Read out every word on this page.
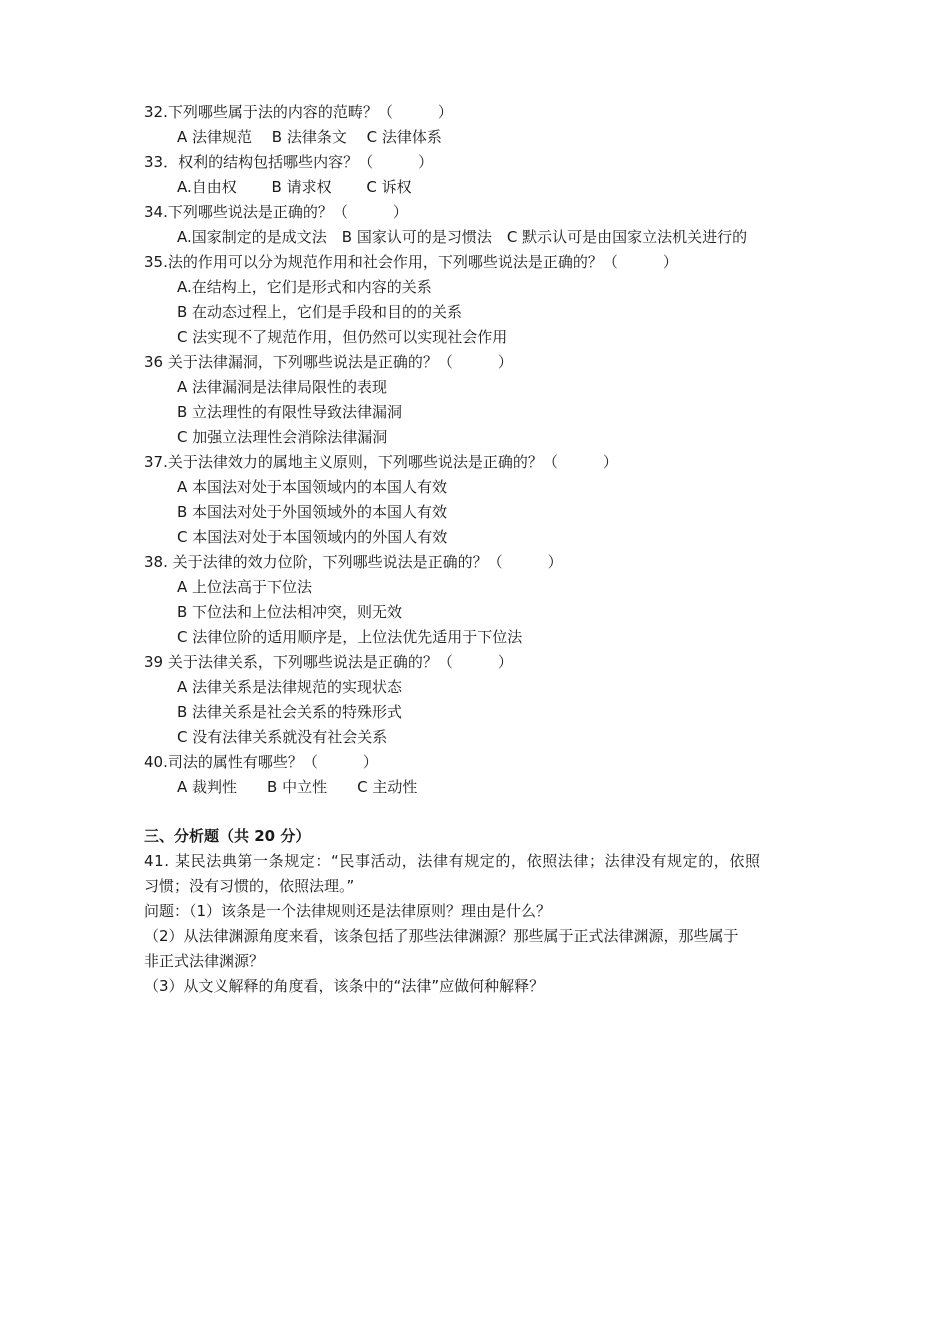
32.下列哪些属于法的内容的范畴？（　　　）
A 法律规范　 B 法律条文　 C 法律体系
33．权利的结构包括哪些内容？（　　　）
A.自由权　　 B 请求权　　 C 诉权
34.下列哪些说法是正确的？（　　　）
A.国家制定的是成文法　B 国家认可的是习惯法　C 默示认可是由国家立法机关进行的
35.法的作用可以分为规范作用和社会作用，下列哪些说法是正确的？（　　　）
A.在结构上，它们是形式和内容的关系
B 在动态过程上，它们是手段和目的的关系
C 法实现不了规范作用，但仍然可以实现社会作用
36 关于法律漏洞，下列哪些说法是正确的？（　　　）
A 法律漏洞是法律局限性的表现
B 立法理性的有限性导致法律漏洞
C 加强立法理性会消除法律漏洞
37.关于法律效力的属地主义原则，下列哪些说法是正确的？（　　　）
A 本国法对处于本国领域内的本国人有效
B 本国法对处于外国领域外的本国人有效
C 本国法对处于本国领域内的外国人有效
38. 关于法律的效力位阶，下列哪些说法是正确的？（　　　）
A 上位法高于下位法
B 下位法和上位法相冲突，则无效
C 法律位阶的适用顺序是，上位法优先适用于下位法
39 关于法律关系，下列哪些说法是正确的？（　　　）
A 法律关系是法律规范的实现状态
B 法律关系是社会关系的特殊形式
C 没有法律关系就没有社会关系
40.司法的属性有哪些？（　　　）
A 裁判性　　B 中立性　　C 主动性
三、分析题（共 20 分）
41. 某民法典第一条规定：“民事活动，法律有规定的，依照法律；法律没有规定的，依照
习惯；没有习惯的，依照法理。”
问题：（1）该条是一个法律规则还是法律原则？理由是什么？
（2）从法律渊源角度来看，该条包括了那些法律渊源？那些属于正式法律渊源，那些属于
非正式法律渊源？
（3）从文义解释的角度看，该条中的“法律”应做何种解释？
